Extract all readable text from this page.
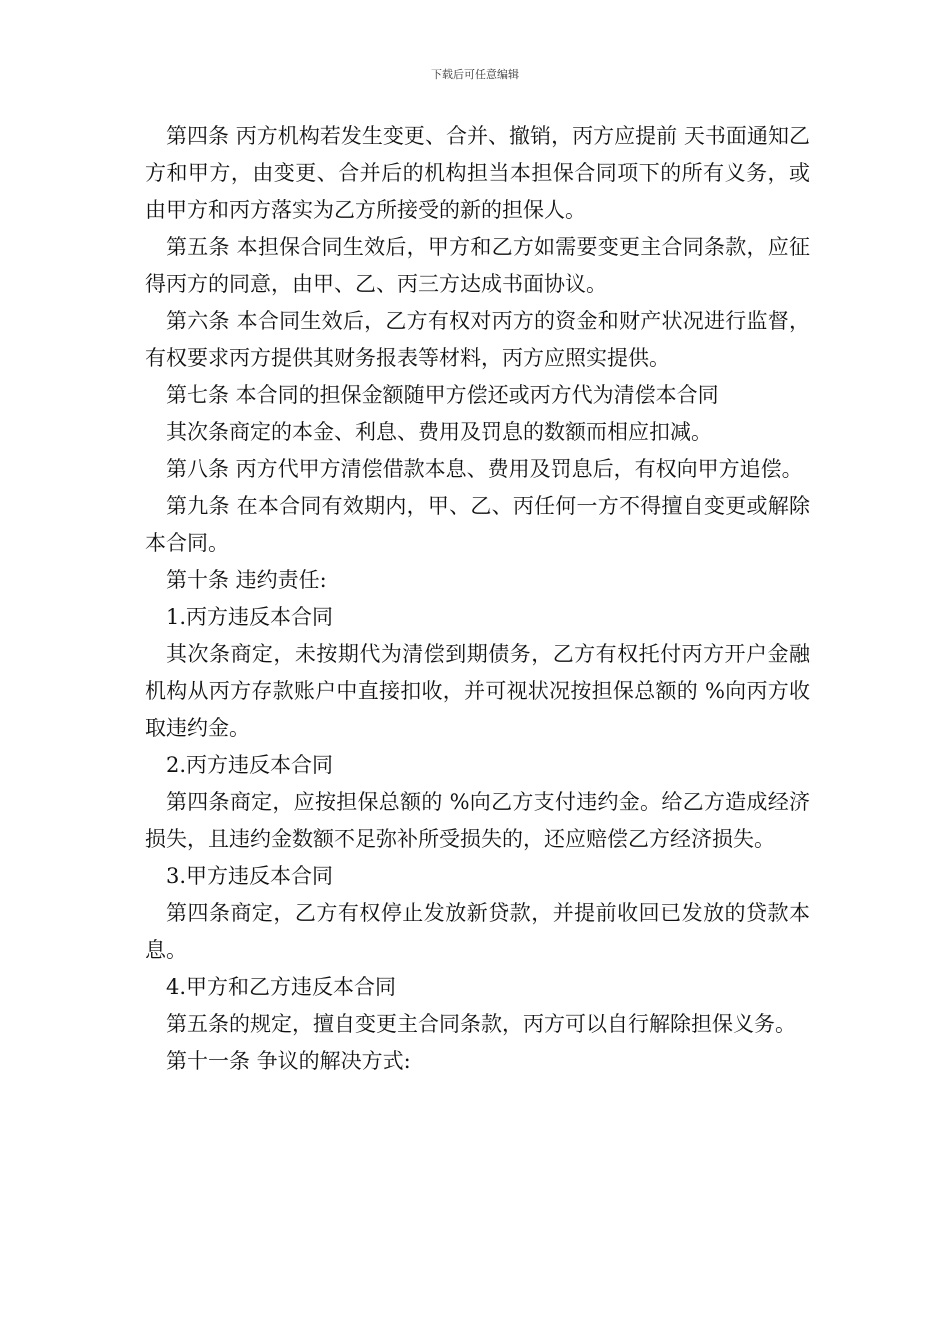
下载后可任意编辑

第四条 丙方机构若发生变更、合并、撤销，丙方应提前 天书面通知乙方和甲方，由变更、合并后的机构担当本担保合同项下的所有义务，或由甲方和丙方落实为乙方所接受的新的担保人。

第五条 本担保合同生效后，甲方和乙方如需要变更主合同条款，应征得丙方的同意，由甲、乙、丙三方达成书面协议。

第六条 本合同生效后，乙方有权对丙方的资金和财产状况进行监督，有权要求丙方提供其财务报表等材料，丙方应照实提供。

第七条 本合同的担保金额随甲方偿还或丙方代为清偿本合同

其次条商定的本金、利息、费用及罚息的数额而相应扣减。

第八条 丙方代甲方清偿借款本息、费用及罚息后，有权向甲方追偿。

第九条 在本合同有效期内，甲、乙、丙任何一方不得擅自变更或解除本合同。

第十条 违约责任:

1.丙方违反本合同

其次条商定，未按期代为清偿到期债务，乙方有权托付丙方开户金融机构从丙方存款账户中直接扣收，并可视状况按担保总额的 %向丙方收取违约金。

2.丙方违反本合同

第四条商定，应按担保总额的 %向乙方支付违约金。给乙方造成经济损失，且违约金数额不足弥补所受损失的，还应赔偿乙方经济损失。

3.甲方违反本合同

第四条商定，乙方有权停止发放新贷款，并提前收回已发放的贷款本息。

4.甲方和乙方违反本合同

第五条的规定，擅自变更主合同条款，丙方可以自行解除担保义务。

第十一条 争议的解决方式:
